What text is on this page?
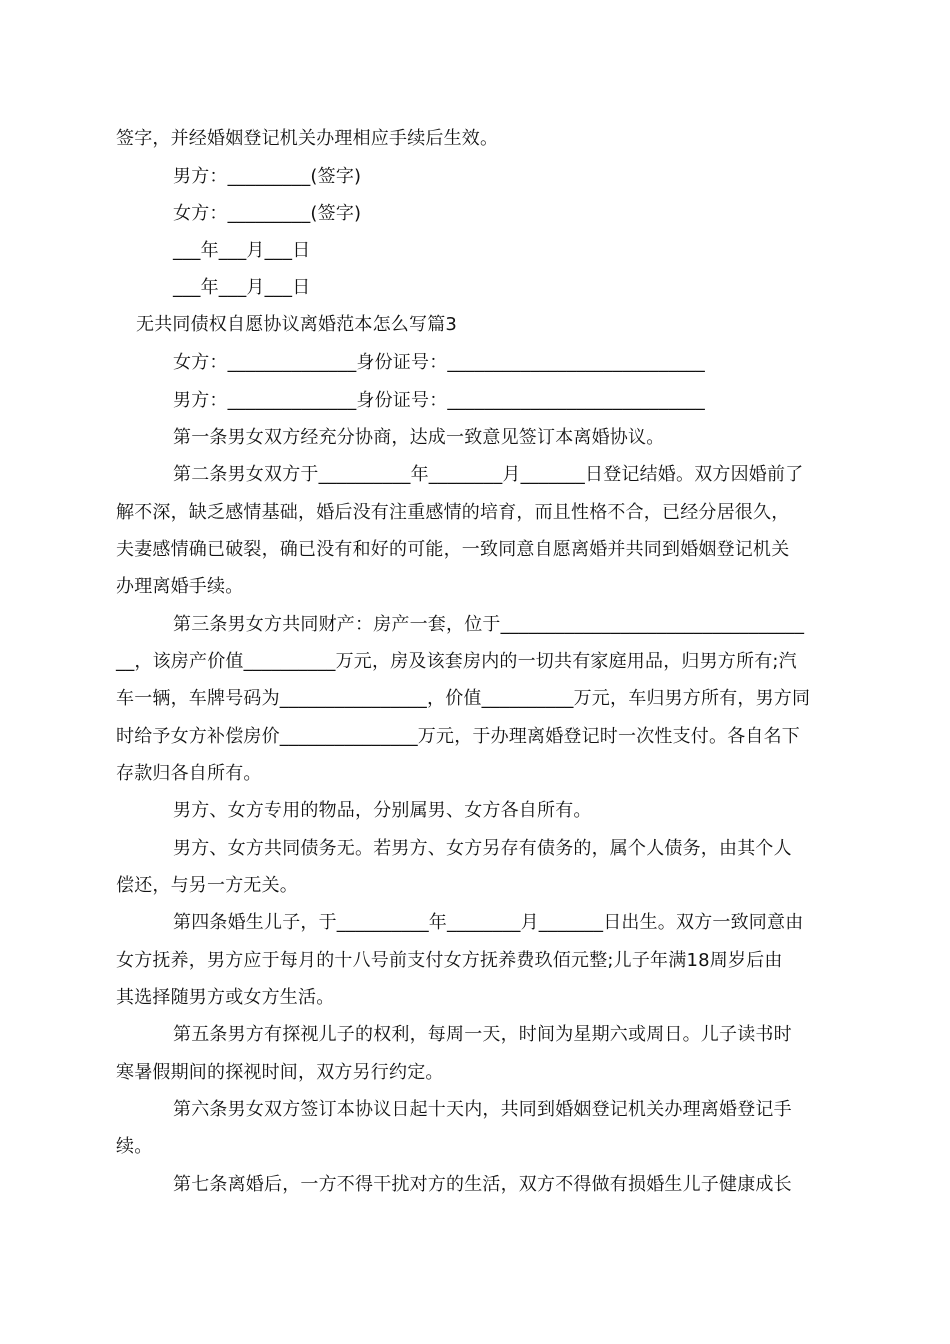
签字，并经婚姻登记机关办理相应手续后生效。
男方：_________(签字)
女方：_________(签字)
___年___月___日
___年___月___日
无共同债权自愿协议离婚范本怎么写篇3
女方：______________身份证号：____________________________
男方：______________身份证号：____________________________
第一条男女双方经充分协商，达成一致意见签订本离婚协议。
第二条男女双方于__________年________月_______日登记结婚。双方因婚前了
解不深，缺乏感情基础，婚后没有注重感情的培育，而且性格不合，已经分居很久，
夫妻感情确已破裂，确已没有和好的可能，一致同意自愿离婚并共同到婚姻登记机关
办理离婚手续。
第三条男女方共同财产：房产一套，位于_________________________________
__，该房产价值__________万元，房及该套房内的一切共有家庭用品，归男方所有;汽
车一辆，车牌号码为________________，价值__________万元，车归男方所有，男方同
时给予女方补偿房价_______________万元，于办理离婚登记时一次性支付。各自名下
存款归各自所有。
男方、女方专用的物品，分别属男、女方各自所有。
男方、女方共同债务无。若男方、女方另存有债务的，属个人债务，由其个人
偿还，与另一方无关。
第四条婚生儿子，于__________年________月_______日出生。双方一致同意由
女方抚养，男方应于每月的十八号前支付女方抚养费玖佰元整;儿子年满18周岁后由
其选择随男方或女方生活。
第五条男方有探视儿子的权利，每周一天，时间为星期六或周日。儿子读书时
寒暑假期间的探视时间，双方另行约定。
第六条男女双方签订本协议日起十天内，共同到婚姻登记机关办理离婚登记手
续。
第七条离婚后，一方不得干扰对方的生活，双方不得做有损婚生儿子健康成长
